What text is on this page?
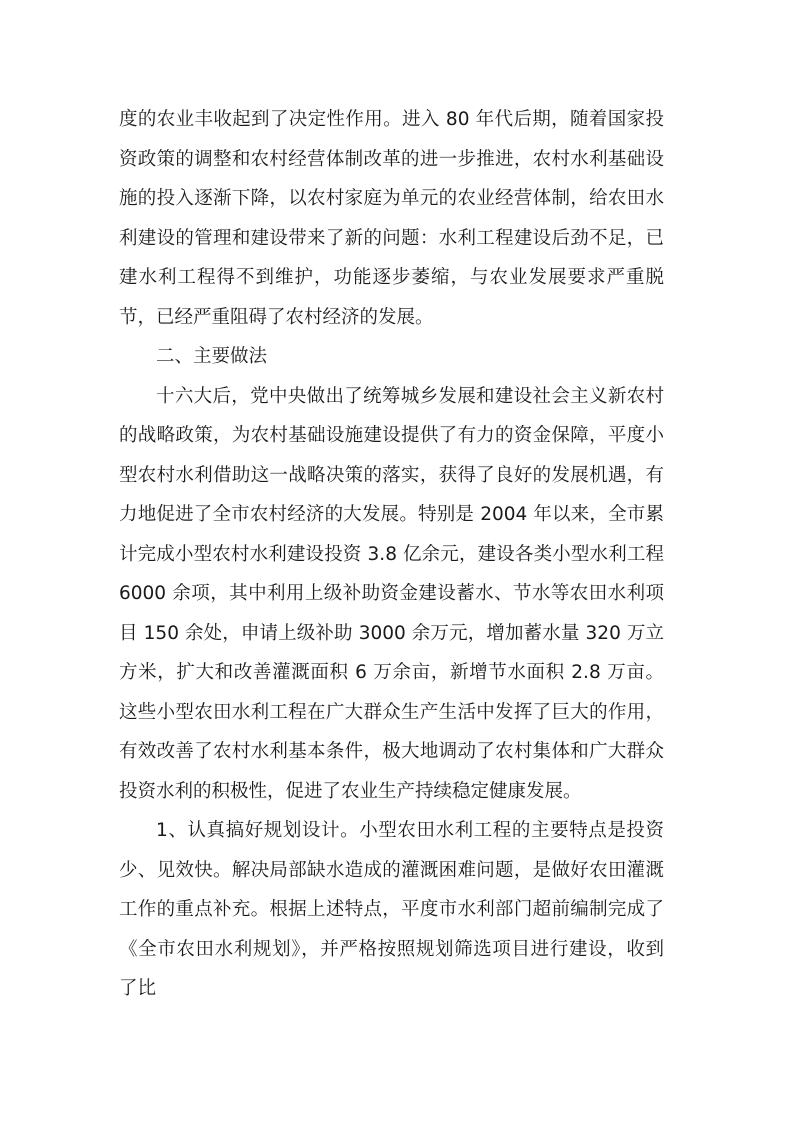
度的农业丰收起到了决定性作用。进入 80 年代后期，随着国家投资政策的调整和农村经营体制改革的进一步推进，农村水利基础设施的投入逐渐下降，以农村家庭为单元的农业经营体制，给农田水利建设的管理和建设带来了新的问题：水利工程建设后劲不足，已建水利工程得不到维护，功能逐步萎缩，与农业发展要求严重脱节，已经严重阻碍了农村经济的发展。

二、主要做法

十六大后，党中央做出了统筹城乡发展和建设社会主义新农村的战略政策，为农村基础设施建设提供了有力的资金保障，平度小型农村水利借助这一战略决策的落实，获得了良好的发展机遇，有力地促进了全市农村经济的大发展。特别是 2004 年以来，全市累计完成小型农村水利建设投资 3.8 亿余元，建设各类小型水利工程 6000 余项，其中利用上级补助资金建设蓄水、节水等农田水利项目 150 余处，申请上级补助 3000 余万元，增加蓄水量 320 万立方米，扩大和改善灌溉面积 6 万余亩，新增节水面积 2.8 万亩。这些小型农田水利工程在广大群众生产生活中发挥了巨大的作用，有效改善了农村水利基本条件，极大地调动了农村集体和广大群众投资水利的积极性，促进了农业生产持续稳定健康发展。

1、认真搞好规划设计。小型农田水利工程的主要特点是投资少、见效快。解决局部缺水造成的灌溉困难问题，是做好农田灌溉工作的重点补充。根据上述特点，平度市水利部门超前编制完成了《全市农田水利规划》，并严格按照规划筛选项目进行建设，收到了比
